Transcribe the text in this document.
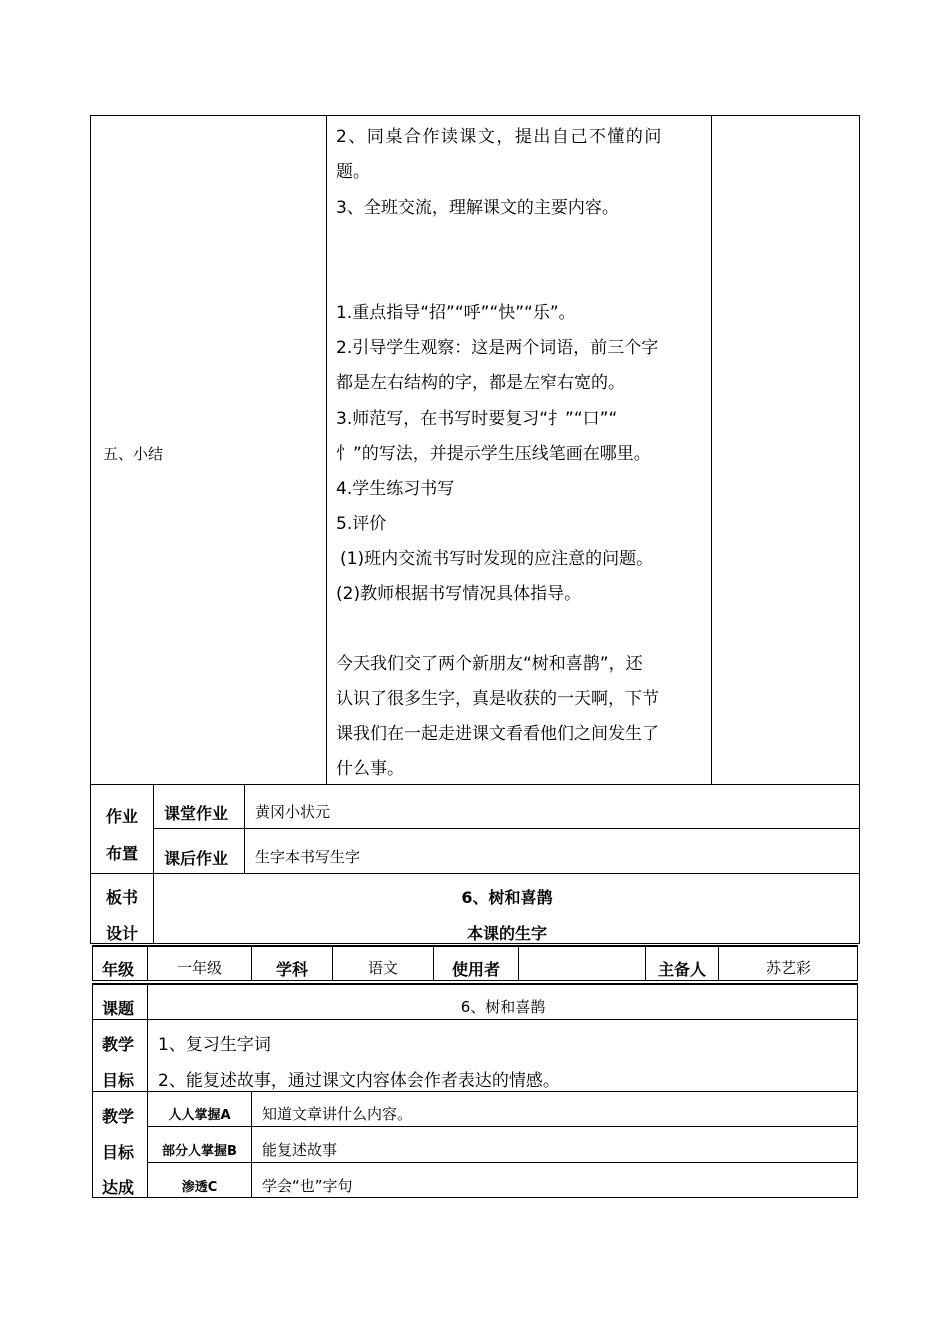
五、小结
2、同桌合作读课文，提出自己不懂的问
题。
3、全班交流，理解课文的主要内容。
1.重点指导“招”“呼”“快”“乐”。
2.引导学生观察：这是两个词语，前三个字
都是左右结构的字，都是左窄右宽的。
3.师范写，在书写时要复习“扌”“口”“
忄”的写法，并提示学生压线笔画在哪里。
4.学生练习书写
5.评价
(1)班内交流书写时发现的应注意的问题。
(2)教师根据书写情况具体指导。
今天我们交了两个新朋友“树和喜鹊”，还
认识了很多生字，真是收获的一天啊，下节
课我们在一起走进课文看看他们之间发生了
什么事。
作业
布置
课堂作业 黄冈小状元
课后作业 生字本书写生字
板书
设计
6、树和喜鹊
本课的生字
年级	一年级	学科	语文	使用者	主备人	苏艺彩
课题	6、树和喜鹊
教学
目标
1、复习生字词
2、能复述故事，通过课文内容体会作者表达的情感。
教学
目标
达成
人人掌握A	知道文章讲什么内容。
部分人掌握B	能复述故事
渗透C	学会“也”字句
